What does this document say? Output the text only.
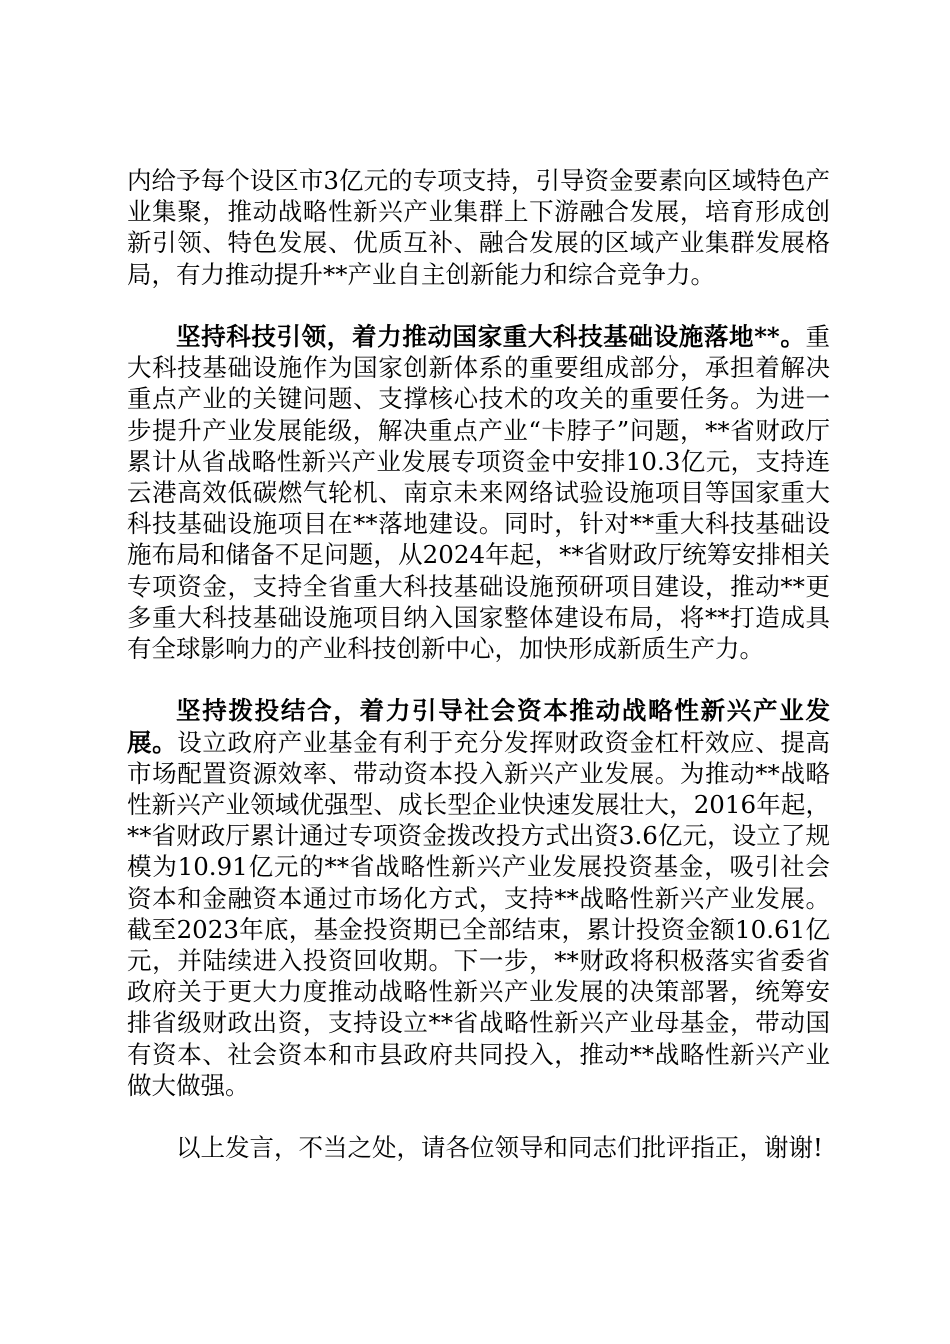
内给予每个设区市3亿元的专项支持，引导资金要素向区域特色产业集聚，推动战略性新兴产业集群上下游融合发展，培育形成创新引领、特色发展、优质互补、融合发展的区域产业集群发展格局，有力推动提升**产业自主创新能力和综合竞争力。

坚持科技引领，着力推动国家重大科技基础设施落地**。重大科技基础设施作为国家创新体系的重要组成部分，承担着解决重点产业的关键问题、支撑核心技术的攻关的重要任务。为进一步提升产业发展能级，解决重点产业“卡脖子”问题，**省财政厅累计从省战略性新兴产业发展专项资金中安排10.3亿元，支持连云港高效低碳燃气轮机、南京未来网络试验设施项目等国家重大科技基础设施项目在**落地建设。同时，针对**重大科技基础设施布局和储备不足问题，从2024年起，**省财政厅统筹安排相关专项资金，支持全省重大科技基础设施预研项目建设，推动**更多重大科技基础设施项目纳入国家整体建设布局，将**打造成具有全球影响力的产业科技创新中心，加快形成新质生产力。

坚持拨投结合，着力引导社会资本推动战略性新兴产业发展。设立政府产业基金有利于充分发挥财政资金杠杆效应、提高市场配置资源效率、带动资本投入新兴产业发展。为推动**战略性新兴产业领域优强型、成长型企业快速发展壮大，2016年起，**省财政厅累计通过专项资金拨改投方式出资3.6亿元，设立了规模为10.91亿元的**省战略性新兴产业发展投资基金，吸引社会资本和金融资本通过市场化方式，支持**战略性新兴产业发展。截至2023年底，基金投资期已全部结束，累计投资金额10.61亿元，并陆续进入投资回收期。下一步，**财政将积极落实省委省政府关于更大力度推动战略性新兴产业发展的决策部署，统筹安排省级财政出资，支持设立**省战略性新兴产业母基金，带动国有资本、社会资本和市县政府共同投入，推动**战略性新兴产业做大做强。

以上发言，不当之处，请各位领导和同志们批评指正，谢谢!
